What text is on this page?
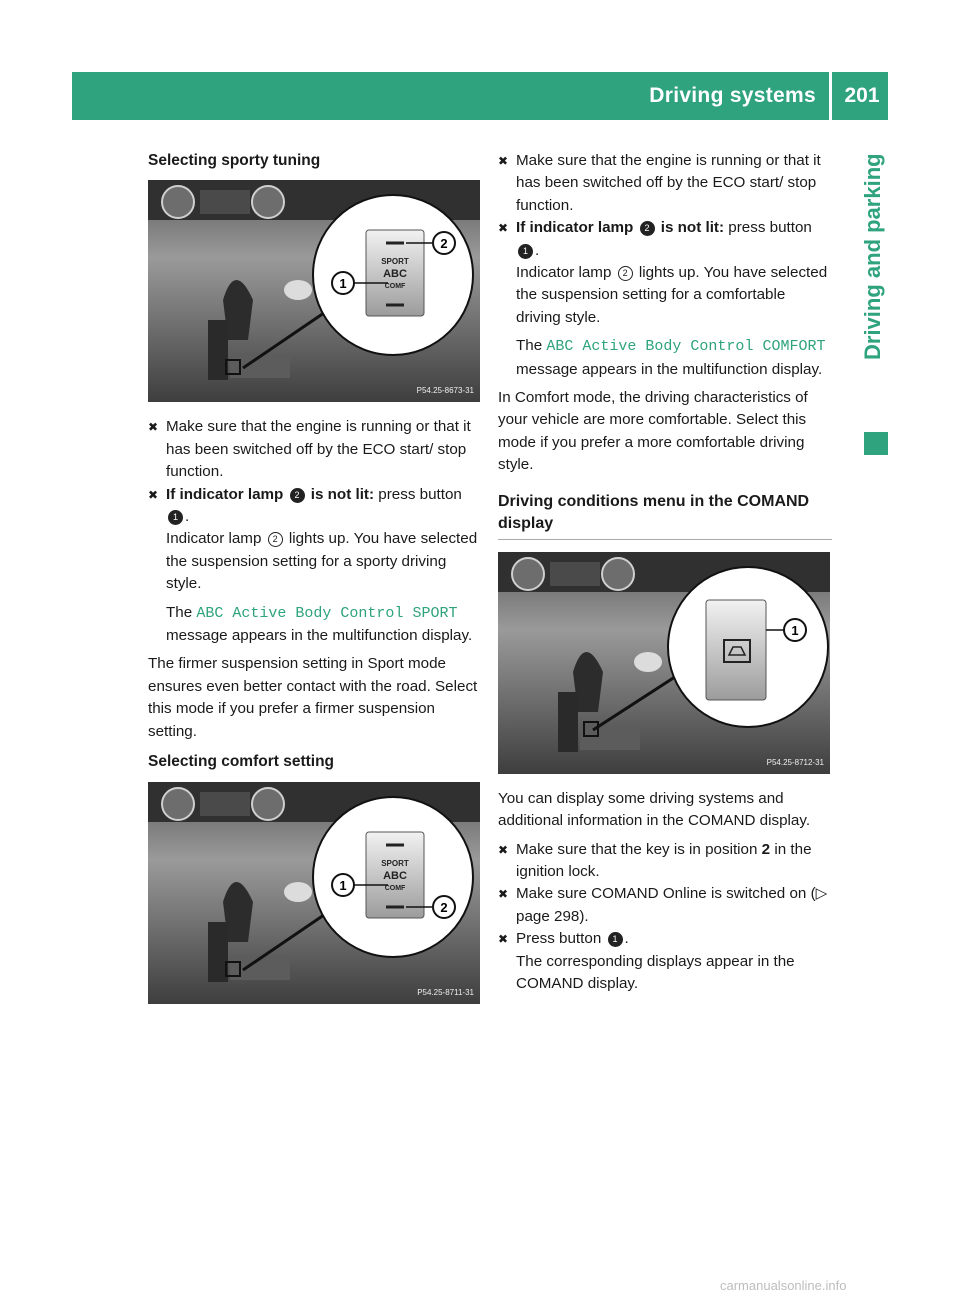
Driving systems	201
Driving and parking
Selecting sporty tuning
SPORT
ABC
COMF
1
2
P54.25-8673-31
✖ Make sure that the engine is running or that it has been switched off by the ECO start/ stop function.
✖ If indicator lamp 2 is not lit: press button 1 .
Indicator lamp 2 lights up. You have selected the suspension setting for a sporty driving style.
The ABC Active Body Control SPORT message appears in the multifunction display.

The firmer suspension setting in Sport mode ensures even better contact with the road. Select this mode if you prefer a firmer suspension setting.

Selecting comfort setting
SPORT
ABC
COMF
1
2
P54.25-8711-31
✖ Make sure that the engine is running or that it has been switched off by the ECO start/ stop function.
✖ If indicator lamp 2 is not lit: press button 1 .
Indicator lamp 2 lights up. You have selected the suspension setting for a comfortable driving style.
The ABC Active Body Control COMFORT message appears in the multifunction display.

In Comfort mode, the driving characteristics of your vehicle are more comfortable. Select this mode if you prefer a more comfortable driving style.

Driving conditions menu in the COMAND display
1
P54.25-8712-31

You can display some driving systems and additional information in the COMAND display.

✖ Make sure that the key is in position 2 in the ignition lock.
✖ Make sure COMAND Online is switched on (▷ page 298).
✖ Press button 1 .
The corresponding displays appear in the COMAND display.
carmanualsonline.info
